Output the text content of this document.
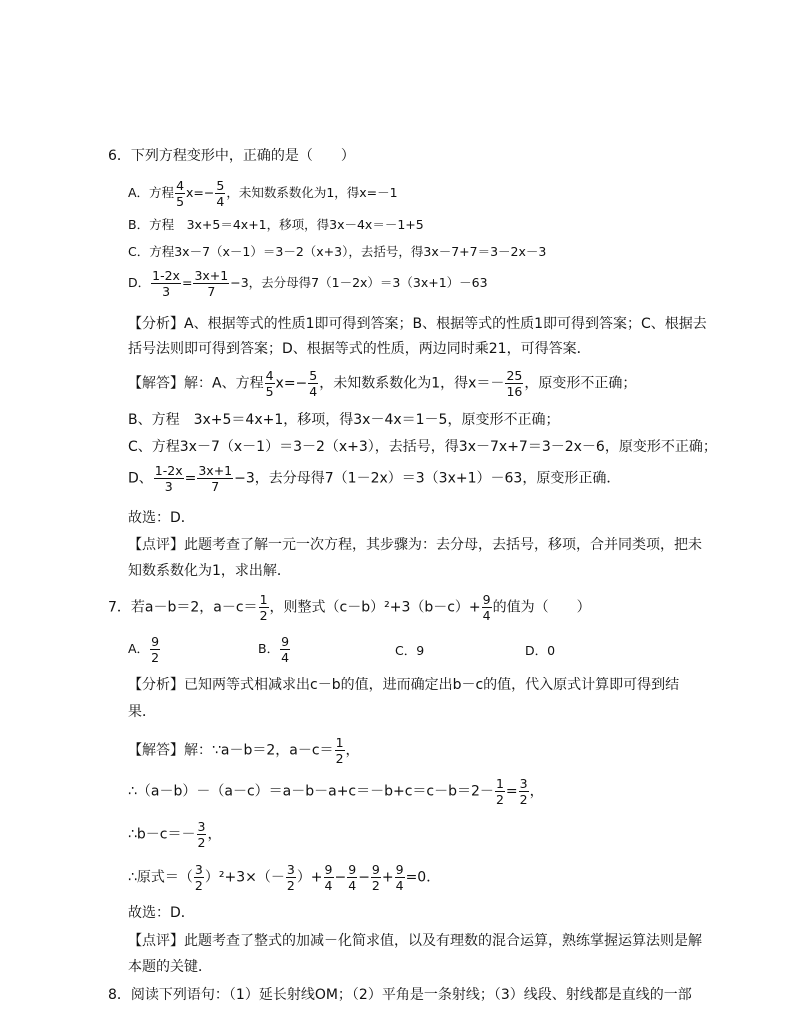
6．下列方程变形中，正确的是（　　）
A．方程 $\frac{4}{5} x=- \frac{5}{4}$ ，未知数系数化为1，得x=－1
B．方程　3x+5＝4x+1，移项，得3x－4x＝－1+5
C．方程3x－7（x－1）＝3－2（x+3），去括号，得3x－7+7＝3－2x－3
D． $\frac{1-2x}{3} = \frac{3x+1}{7} -3$，去分母得7（1－2x）＝3（3x+1）－63
【分析】A、根据等式的性质1即可得到答案；B、根据等式的性质1即可得到答案；C、根据去
括号法则即可得到答案；D、根据等式的性质，两边同时乘21，可得答案．
【解答】解：A、方程 $\frac{4}{5} x=- \frac{5}{4}$ ，未知数系数化为1，得$x=- \frac{25}{16}$ ，原变形不正确；
B、方程　3x+5＝4x+1，移项，得3x－4x＝1－5，原变形不正确；
C、方程3x－7（x－1）＝3－2（x+3），去括号，得3x－7x+7＝3－2x－6，原变形不正确；
D、 $\frac{1-2x}{3} = \frac{3x+1}{7} -3$，去分母得7（1－2x）＝3（3x+1）－63，原变形正确．
故选：D．
【点评】此题考查了解一元一次方程，其步骤为：去分母，去括号，移项，合并同类项，把未
知数系数化为1，求出解．
7．若a－b＝2，$a-c= \frac{1}{2}$ ，则整式$(c-b)^2+3(b-c)+ \frac{9}{4}$ 的值为（　　）
A． $\frac{9}{2}$	B． $\frac{9}{4}$	C．9	D．0
【分析】已知两等式相减求出c－b的值，进而确定出b－c的值，代入原式计算即可得到结
果．
【解答】解：∵a－b＝2，$a-c= \frac{1}{2}$ ，
∴（a－b）－（a－c）＝a－b－a+c＝－b+c＝c－b＝2－ $\frac{1}{2} = \frac{3}{2}$ ，
∴b－c＝－ $\frac{3}{2}$ ，
∴原式＝（ $\frac{3}{2} )^2+3\times(- \frac{3}{2}$ ）+ $\frac{9}{4} - \frac{9}{4} - \frac{9}{2} + \frac{9}{4} =0$．
故选：D．
【点评】此题考查了整式的加减－化简求值，以及有理数的混合运算，熟练掌握运算法则是解
本题的关键．
8．阅读下列语句：（1）延长射线OM；（2）平角是一条射线；（3）线段、射线都是直线的一部
